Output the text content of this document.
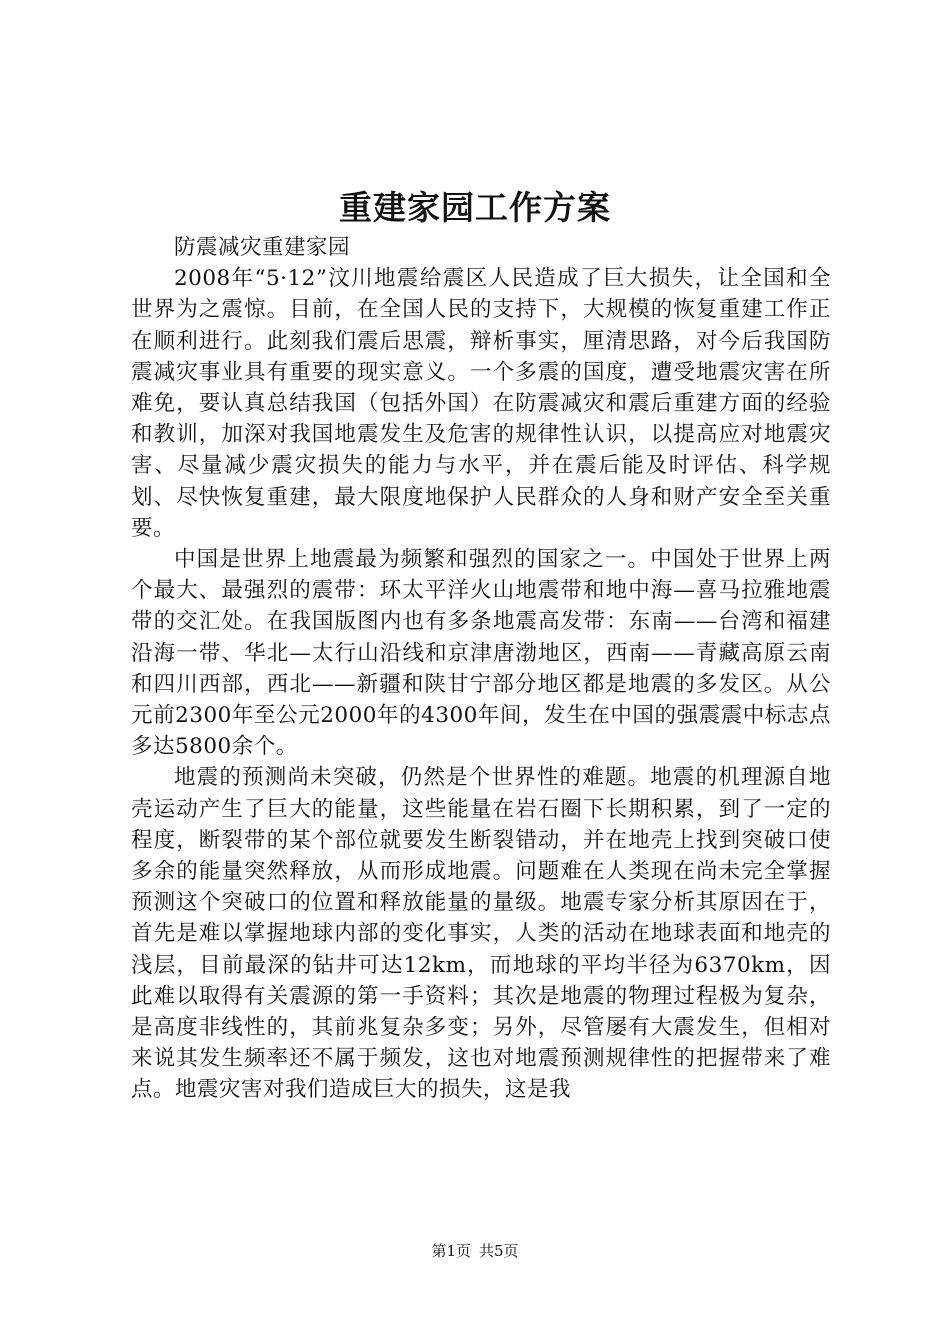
重建家园工作方案

防震减灾重建家园

2008年“5·12”汶川地震给震区人民造成了巨大损失，让全国和全世界为之震惊。目前，在全国人民的支持下，大规模的恢复重建工作正在顺利进行。此刻我们震后思震，辩析事实，厘清思路，对今后我国防震减灾事业具有重要的现实意义。一个多震的国度，遭受地震灾害在所难免，要认真总结我国（包括外国）在防震减灾和震后重建方面的经验和教训，加深对我国地震发生及危害的规律性认识，以提高应对地震灾害、尽量减少震灾损失的能力与水平，并在震后能及时评估、科学规划、尽快恢复重建，最大限度地保护人民群众的人身和财产安全至关重要。

中国是世界上地震最为频繁和强烈的国家之一。中国处于世界上两个最大、最强烈的震带：环太平洋火山地震带和地中海—喜马拉雅地震带的交汇处。在我国版图内也有多条地震高发带：东南——台湾和福建沿海一带、华北—太行山沿线和京津唐渤地区，西南——青藏高原云南和四川西部，西北——新疆和陕甘宁部分地区都是地震的多发区。从公元前2300年至公元2000年的4300年间，发生在中国的强震震中标志点多达5800余个。

地震的预测尚未突破，仍然是个世界性的难题。地震的机理源自地壳运动产生了巨大的能量，这些能量在岩石圈下长期积累，到了一定的程度，断裂带的某个部位就要发生断裂错动，并在地壳上找到突破口使多余的能量突然释放，从而形成地震。问题难在人类现在尚未完全掌握预测这个突破口的位置和释放能量的量级。地震专家分析其原因在于，首先是难以掌握地球内部的变化事实，人类的活动在地球表面和地壳的浅层，目前最深的钻井可达12km，而地球的平均半径为6370km，因此难以取得有关震源的第一手资料；其次是地震的物理过程极为复杂，是高度非线性的，其前兆复杂多变；另外，尽管屡有大震发生，但相对来说其发生频率还不属于频发，这也对地震预测规律性的把握带来了难点。地震灾害对我们造成巨大的损失，这是我

第1页 共5页
